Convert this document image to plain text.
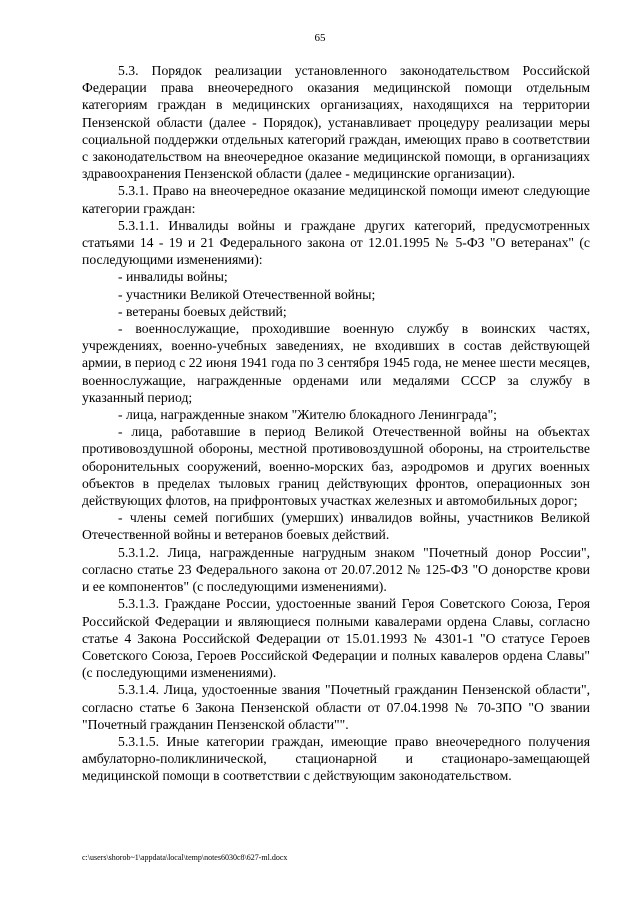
65

5.3. Порядок реализации установленного законодательством Российской Федерации права внеочередного оказания медицинской помощи отдельным категориям граждан в медицинских организациях, находящихся на территории Пензенской области (далее - Порядок), устанавливает процедуру реализации меры социальной поддержки отдельных категорий граждан, имеющих право в соответствии с законодательством на внеочередное оказание медицинской помощи, в организациях здравоохранения Пензенской области (далее - медицинские организации).

5.3.1. Право на внеочередное оказание медицинской помощи имеют следующие категории граждан:

5.3.1.1. Инвалиды войны и граждане других категорий, предусмотренных статьями 14 - 19 и 21 Федерального закона от 12.01.1995 № 5-ФЗ "О ветеранах" (с последующими изменениями):

- инвалиды войны;

- участники Великой Отечественной войны;

- ветераны боевых действий;

- военнослужащие, проходившие военную службу в воинских частях, учреждениях, военно-учебных заведениях, не входивших в состав действующей армии, в период с 22 июня 1941 года по 3 сентября 1945 года, не менее шести месяцев, военнослужащие, награжденные орденами или медалями СССР за службу в указанный период;

- лица, награжденные знаком "Жителю блокадного Ленинграда";

- лица, работавшие в период Великой Отечественной войны на объектах противовоздушной обороны, местной противовоздушной обороны, на строительстве оборонительных сооружений, военно-морских баз, аэродромов и других военных объектов в пределах тыловых границ действующих фронтов, операционных зон действующих флотов, на прифронтовых участках железных и автомобильных дорог;

- члены семей погибших (умерших) инвалидов войны, участников Великой Отечественной войны и ветеранов боевых действий.

5.3.1.2. Лица, награжденные нагрудным знаком "Почетный донор России", согласно статье 23 Федерального закона от 20.07.2012 № 125-ФЗ "О донорстве крови и ее компонентов" (с последующими изменениями).

5.3.1.3. Граждане России, удостоенные званий Героя Советского Союза, Героя Российской Федерации и являющиеся полными кавалерами ордена Славы, согласно статье 4 Закона Российской Федерации от 15.01.1993 № 4301-1 "О статусе Героев Советского Союза, Героев Российской Федерации и полных кавалеров ордена Славы" (с последующими изменениями).

5.3.1.4. Лица, удостоенные звания "Почетный гражданин Пензенской области", согласно статье 6 Закона Пензенской области от 07.04.1998 № 70-ЗПО "О звании "Почетный гражданин Пензенской области"".

5.3.1.5. Иные категории граждан, имеющие право внеочередного получения амбулаторно-поликлинической, стационарной и стационаро-замещающей медицинской помощи в соответствии с действующим законодательством.

c:\users\shorob~1\appdata\local\temp\notes6030c8\627-ml.docx
